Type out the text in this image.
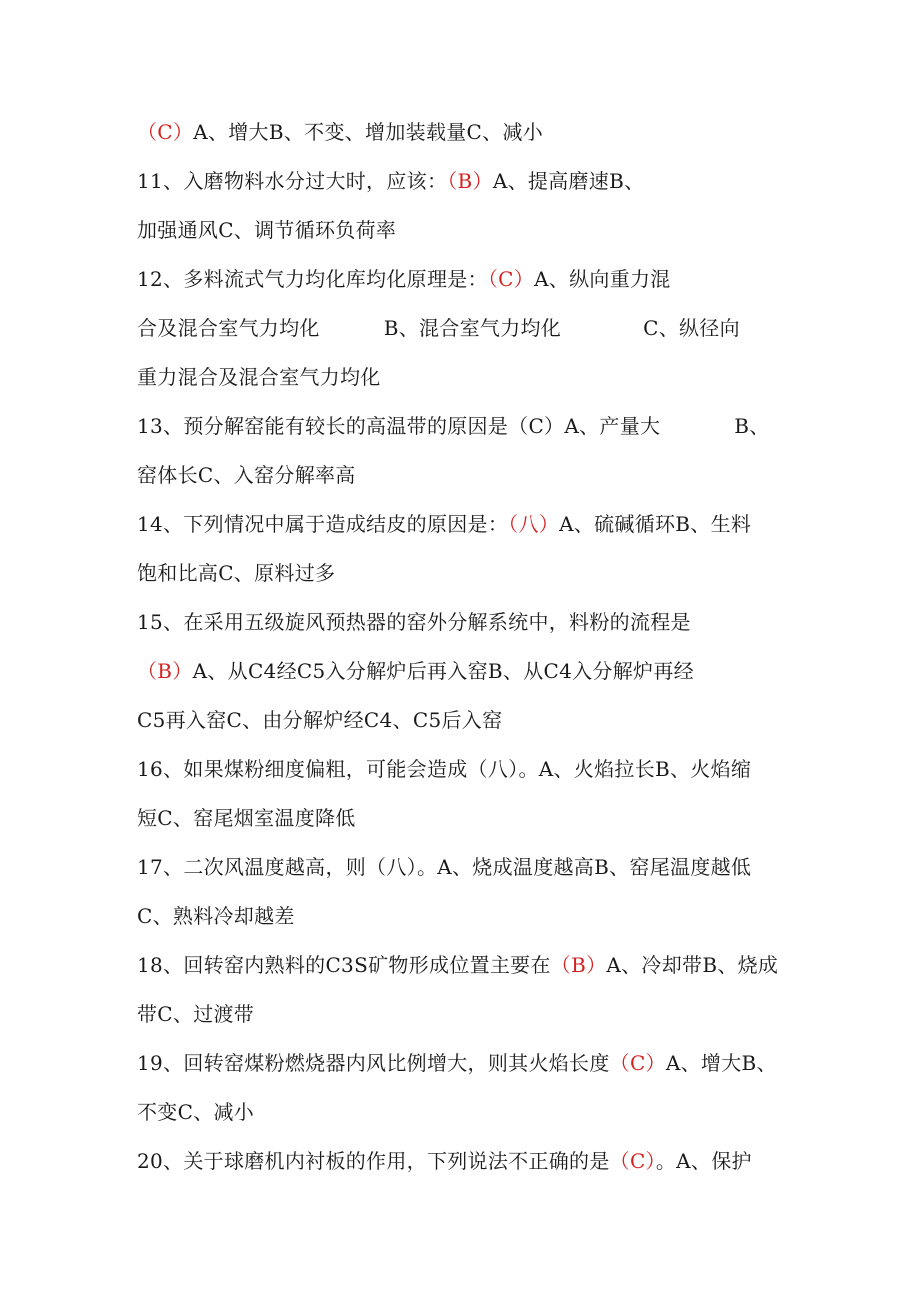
（C）A、增大B、不变、增加装载量C、减小
11、入磨物料水分过大时，应该：（B）A、提高磨速B、
加强通风C、调节循环负荷率
12、多料流式气力均化库均化原理是：（C）A、纵向重力混
合及混合室气力均化	B、混合室气力均化	C、纵径向
重力混合及混合室气力均化
13、预分解窑能有较长的高温带的原因是（C）A、产量大	B、
窑体长C、入窑分解率高
14、下列情况中属于造成结皮的原因是：（八）A、硫碱循环B、生料
饱和比高C、原料过多
15、在采用五级旋风预热器的窑外分解系统中，料粉的流程是
（B）A、从C4经C5入分解炉后再入窑B、从C4入分解炉再经
C5再入窑C、由分解炉经C4、C5后入窑
16、如果煤粉细度偏粗，可能会造成（八）。A、火焰拉长B、火焰缩
短C、窑尾烟室温度降低
17、二次风温度越高，则（八）。A、烧成温度越高B、窑尾温度越低
C、熟料冷却越差
18、回转窑内熟料的C3S矿物形成位置主要在（B）A、冷却带B、烧成
带C、过渡带
19、回转窑煤粉燃烧器内风比例增大，则其火焰长度（C）A、增大B、
不变C、减小
20、关于球磨机内衬板的作用，下列说法不正确的是（C）。A、保护
